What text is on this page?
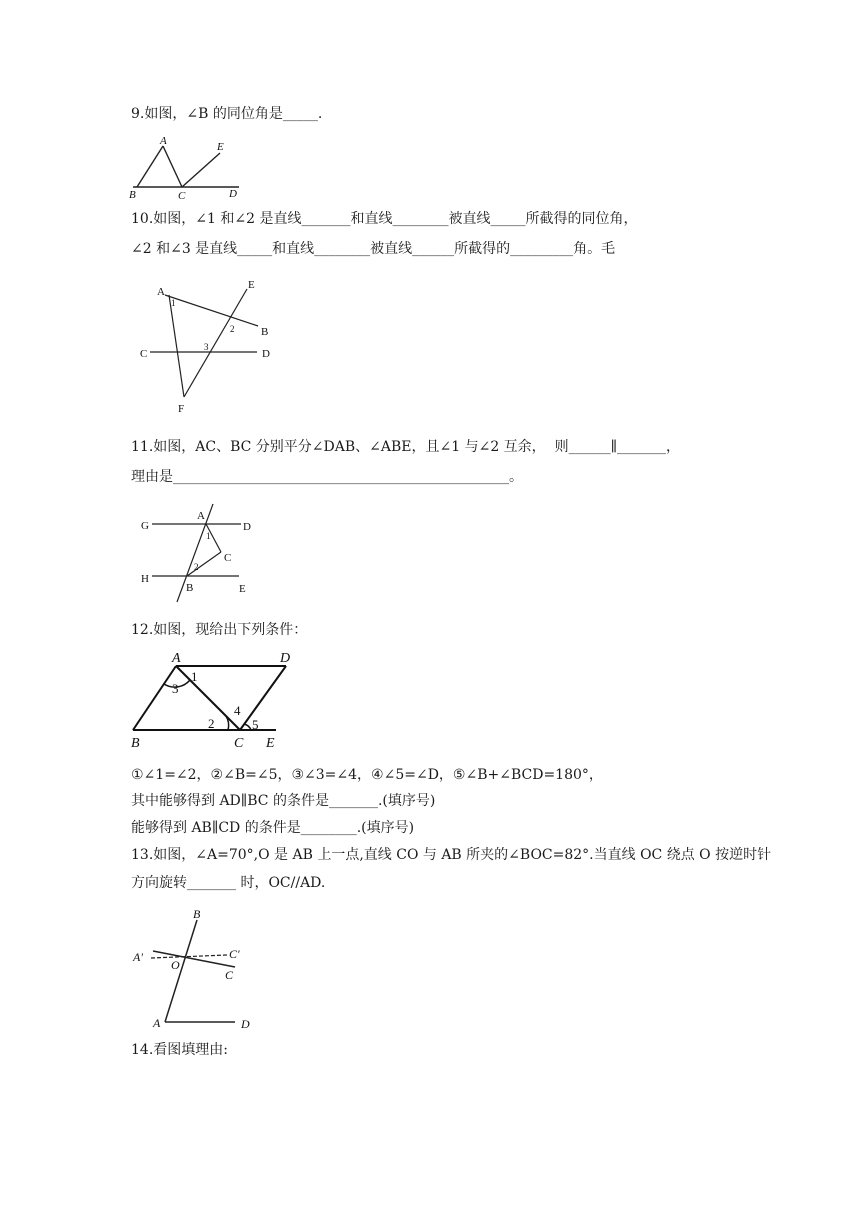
9.如图，∠B 的同位角是_____.
A	E
B	C	D
10.如图，∠1 和∠2 是直线_______和直线________被直线_____所截得的同位角，
∠2 和∠3 是直线_____和直线________被直线______所截得的_________角。毛
A
E
B
C	D
F
1
2
3
11.如图，AC、BC 分别平分∠DAB、∠ABE，且∠1 与∠2 互余，  则______∥_______，
理由是________________________________________________。
G
A
D
C
H
B	E
1
2
12.如图，现给出下列条件：
A	D
B	C E
1
3
2
4
5
①∠1=∠2，②∠B=∠5，③∠3=∠4，④∠5=∠D，⑤∠B+∠BCD=180°，
其中能够得到 AD∥BC 的条件是_______.(填序号)
能够得到 AB∥CD 的条件是________.(填序号)
13.如图，∠A=70°,O 是 AB 上一点,直线 CO 与 AB 所夹的∠BOC=82°.当直线 OC 绕点 O 按逆时针
方向旋转_______ 时，OC//AD.
B
A'	C'
O
C
A	D
14.看图填理由:
